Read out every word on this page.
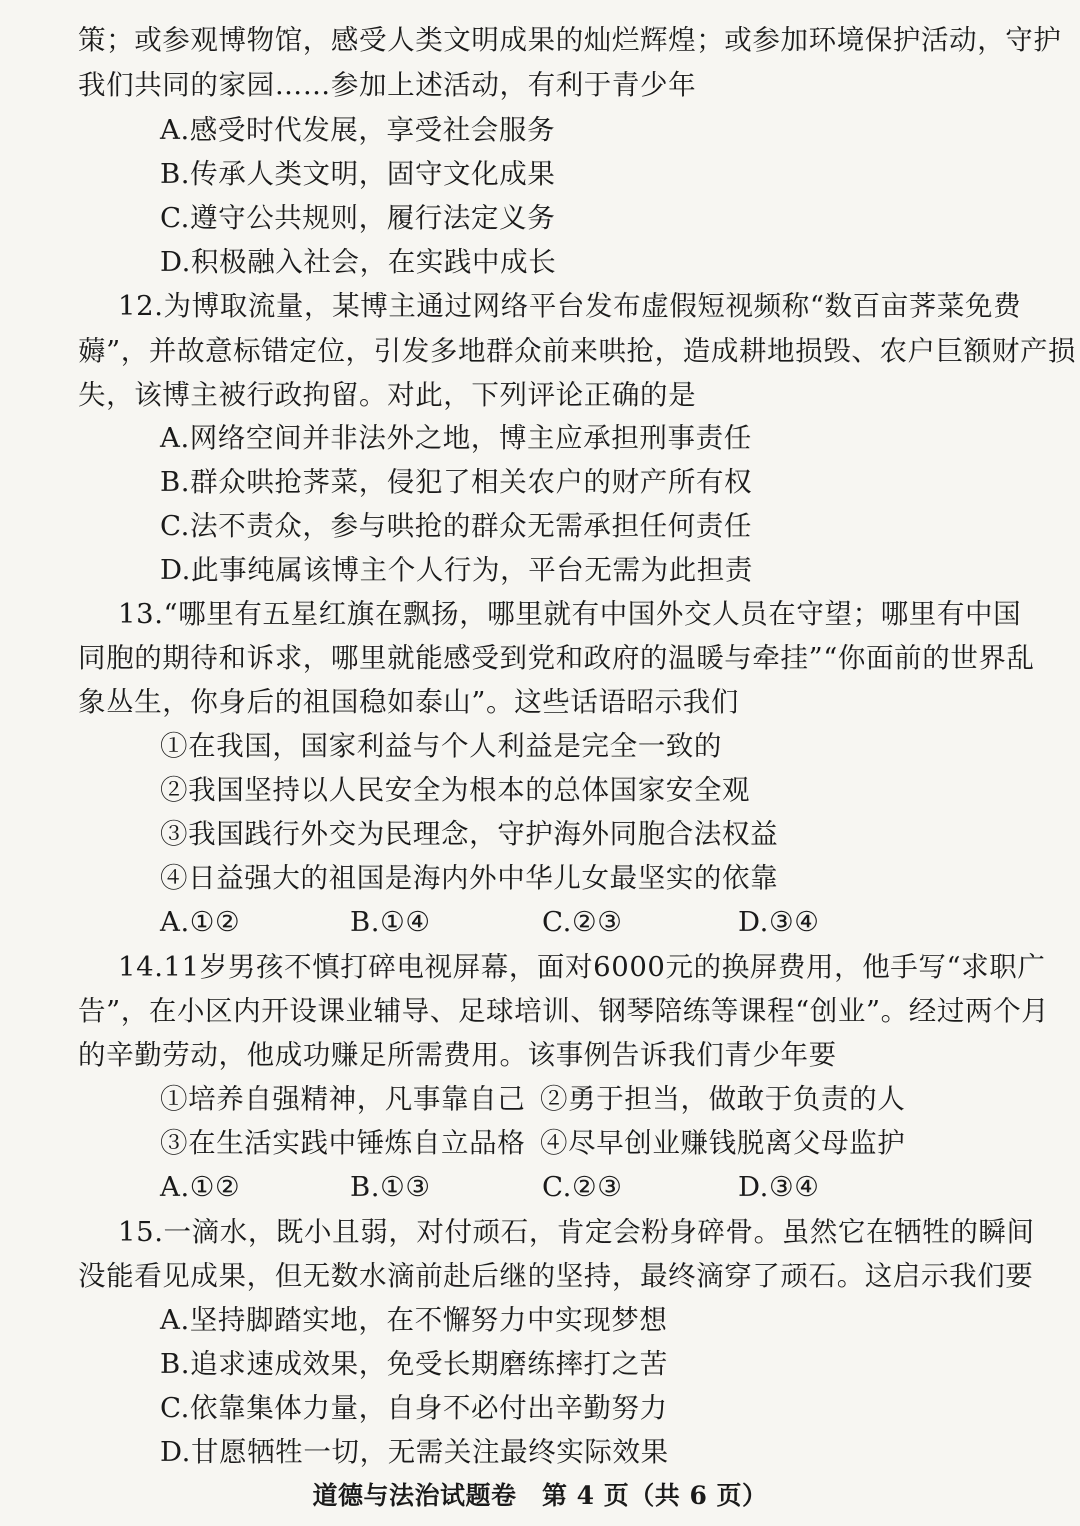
策；或参观博物馆，感受人类文明成果的灿烂辉煌；或参加环境保护活动，守护
我们共同的家园……参加上述活动，有利于青少年
A.感受时代发展，享受社会服务
B.传承人类文明，固守文化成果
C.遵守公共规则，履行法定义务
D.积极融入社会，在实践中成长
12.为博取流量，某博主通过网络平台发布虚假短视频称“数百亩荠菜免费
薅”，并故意标错定位，引发多地群众前来哄抢，造成耕地损毁、农户巨额财产损
失，该博主被行政拘留。对此，下列评论正确的是
A.网络空间并非法外之地，博主应承担刑事责任
B.群众哄抢荠菜，侵犯了相关农户的财产所有权
C.法不责众，参与哄抢的群众无需承担任何责任
D.此事纯属该博主个人行为，平台无需为此担责
13.“哪里有五星红旗在飘扬，哪里就有中国外交人员在守望；哪里有中国
同胞的期待和诉求，哪里就能感受到党和政府的温暖与牵挂”“你面前的世界乱
象丛生，你身后的祖国稳如泰山”。这些话语昭示我们
①在我国，国家利益与个人利益是完全一致的
②我国坚持以人民安全为根本的总体国家安全观
③我国践行外交为民理念，守护海外同胞合法权益
④日益强大的祖国是海内外中华儿女最坚实的依靠
A.①②	B.①④	C.②③	D.③④
14.11岁男孩不慎打碎电视屏幕，面对6000元的换屏费用，他手写“求职广
告”，在小区内开设课业辅导、足球培训、钢琴陪练等课程“创业”。经过两个月
的辛勤劳动，他成功赚足所需费用。该事例告诉我们青少年要
①培养自强精神，凡事靠自己 ②勇于担当，做敢于负责的人
③在生活实践中锤炼自立品格 ④尽早创业赚钱脱离父母监护
A.①②	B.①③	C.②③	D.③④
15.一滴水，既小且弱，对付顽石，肯定会粉身碎骨。虽然它在牺牲的瞬间
没能看见成果，但无数水滴前赴后继的坚持，最终滴穿了顽石。这启示我们要
A.坚持脚踏实地，在不懈努力中实现梦想
B.追求速成效果，免受长期磨练摔打之苦
C.依靠集体力量，自身不必付出辛勤努力
D.甘愿牺牲一切，无需关注最终实际效果
道德与法治试题卷　第 4 页（共 6 页）
